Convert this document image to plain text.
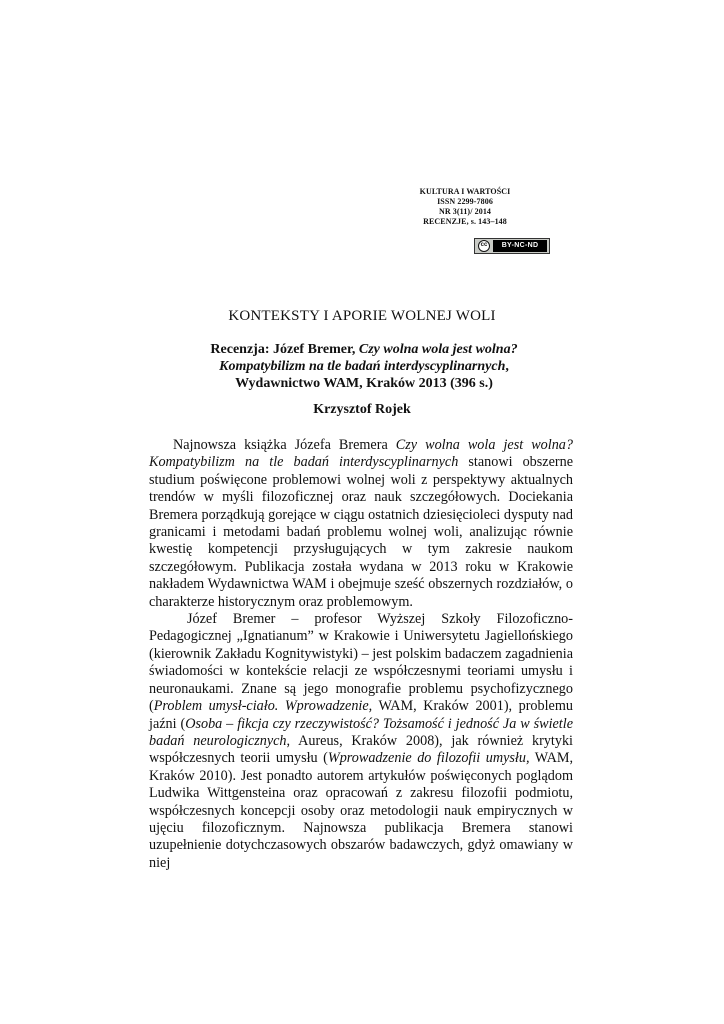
KULTURA I WARTOŚCI
ISSN 2299-7806
NR 3(11)/ 2014
RECENZJE, s. 143–148
cc	BY-NC-ND
KONTEKSTY I APORIE WOLNEJ WOLI
Recenzja: Józef Bremer, Czy wolna wola jest wolna?
Kompatybilizm na tle badań interdyscyplinarnych,
Wydawnictwo WAM, Kraków 2013 (396 s.)
Krzysztof Rojek

Najnowsza książka Józefa Bremera Czy wolna wola jest wolna? Kompatybilizm na tle badań interdyscyplinarnych stanowi obszerne studium poświęcone problemowi wolnej woli z perspektywy aktualnych trendów w myśli filozoficznej oraz nauk szczegółowych. Dociekania Bremera porządkują gorejące w ciągu ostatnich dziesięcioleci dysputy nad granicami i metodami badań problemu wolnej woli, analizując równie kwestię kompetencji przysługujących w tym zakresie naukom szczegółowym. Publikacja została wydana w 2013 roku w Krakowie nakładem Wydawnictwa WAM i obejmuje sześć obszernych rozdziałów, o charakterze historycznym oraz problemowym.

Józef Bremer – profesor Wyższej Szkoły Filozoficzno-Pedagogicznej „Ignatianum” w Krakowie i Uniwersytetu Jagiellońskiego (kierownik Zakładu Kognitywistyki) – jest polskim badaczem zagadnienia świadomości w kontekście relacji ze współczesnymi teoriami umysłu i neuronaukami. Znane są jego monografie problemu psychofizycznego (Problem umysł-ciało. Wprowadzenie, WAM, Kraków 2001), problemu jaźni (Osoba – fikcja czy rzeczywistość? Tożsamość i jedność Ja w świetle badań neurologicznych, Aureus, Kraków 2008), jak również krytyki współczesnych teorii umysłu (Wprowadzenie do filozofii umysłu, WAM, Kraków 2010). Jest ponadto autorem artykułów poświęconych poglądom Ludwika Wittgensteina oraz opracowań z zakresu filozofii podmiotu, współczesnych koncepcji osoby oraz metodologii nauk empirycznych w ujęciu filozoficznym. Najnowsza publikacja Bremera stanowi uzupełnienie dotychczasowych obszarów badawczych, gdyż omawiany w niej
